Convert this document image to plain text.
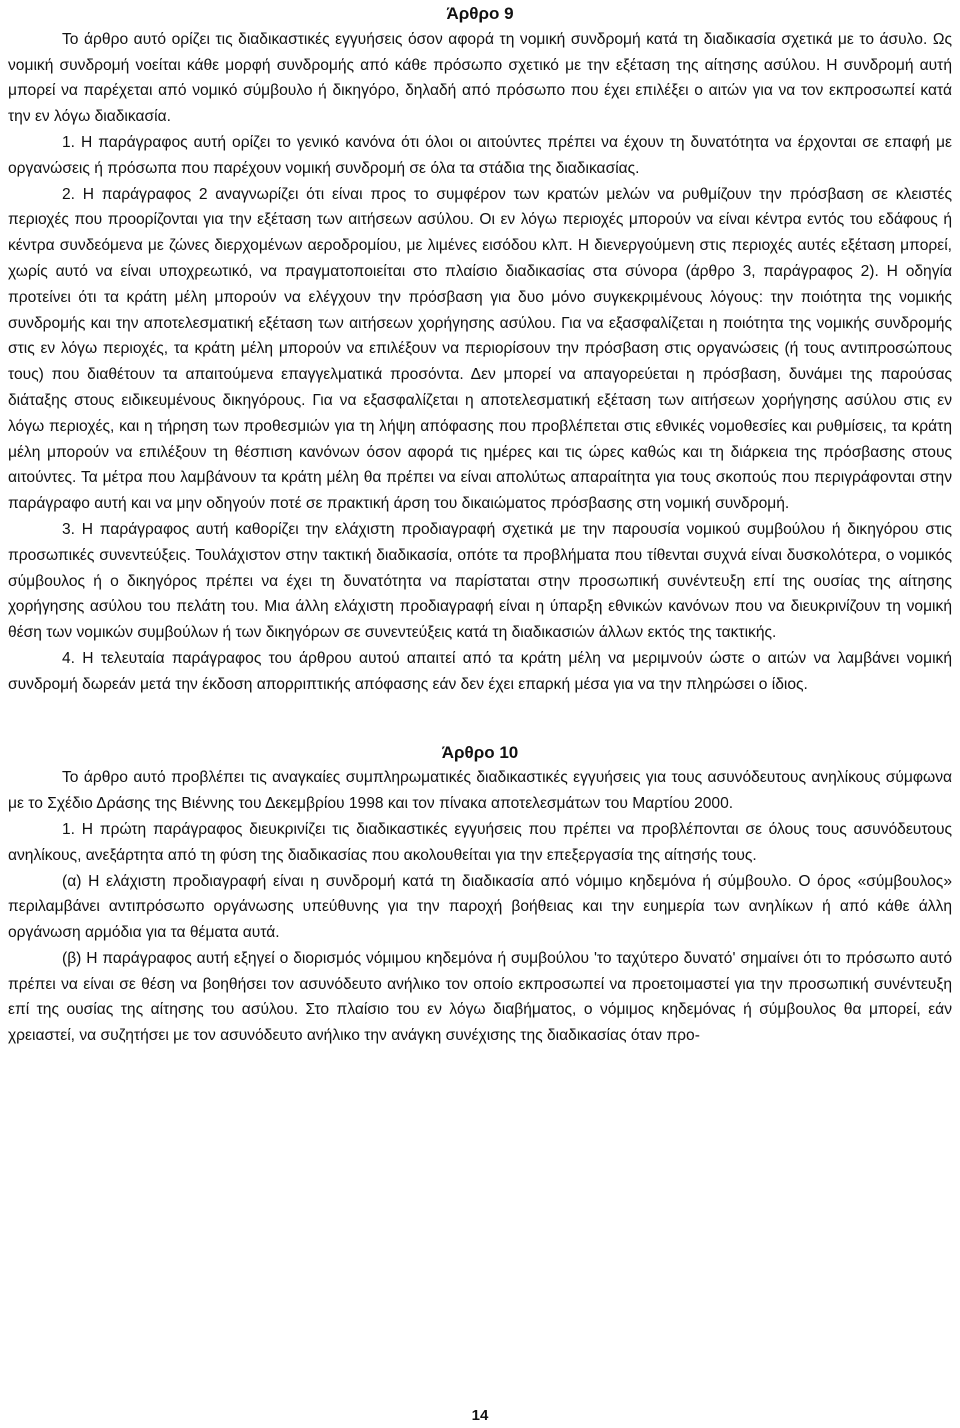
Άρθρο 9

Το άρθρο αυτό ορίζει τις διαδικαστικές εγγυήσεις όσον αφορά τη νομική συνδρομή κατά τη διαδικασία σχετικά με το άσυλο. Ως νομική συνδρομή νοείται κάθε μορφή συνδρομής από κάθε πρόσωπο σχετικό με την εξέταση της αίτησης ασύλου. Η συνδρομή αυτή μπορεί να παρέχεται από νομικό σύμβουλο ή δικηγόρο, δηλαδή από πρόσωπο που έχει επιλέξει ο αιτών για να τον εκπροσωπεί κατά την εν λόγω διαδικασία.

1. Η παράγραφος αυτή ορίζει το γενικό κανόνα ότι όλοι οι αιτούντες πρέπει να έχουν τη δυνατότητα να έρχονται σε επαφή με οργανώσεις ή πρόσωπα που παρέχουν νομική συνδρομή σε όλα τα στάδια της διαδικασίας.

2. Η παράγραφος 2 αναγνωρίζει ότι είναι προς το συμφέρον των κρατών μελών να ρυθμίζουν την πρόσβαση σε κλειστές περιοχές που προορίζονται για την εξέταση των αιτήσεων ασύλου. Οι εν λόγω περιοχές μπορούν να είναι κέντρα εντός του εδάφους ή κέντρα συνδεόμενα με ζώνες διερχομένων αεροδρομίου, με λιμένες εισόδου κλπ. Η διενεργούμενη στις περιοχές αυτές εξέταση μπορεί, χωρίς αυτό να είναι υποχρεωτικό, να πραγματοποιείται στο πλαίσιο διαδικασίας στα σύνορα (άρθρο 3, παράγραφος 2). Η οδηγία προτείνει ότι τα κράτη μέλη μπορούν να ελέγχουν την πρόσβαση για δυο μόνο συγκεκριμένους λόγους: την ποιότητα της νομικής συνδρομής και την αποτελεσματική εξέταση των αιτήσεων χορήγησης ασύλου. Για να εξασφαλίζεται η ποιότητα της νομικής συνδρομής στις εν λόγω περιοχές, τα κράτη μέλη μπορούν να επιλέξουν να περιορίσουν την πρόσβαση στις οργανώσεις (ή τους αντιπροσώπους τους) που διαθέτουν τα απαιτούμενα επαγγελματικά προσόντα. Δεν μπορεί να απαγορεύεται η πρόσβαση, δυνάμει της παρούσας διάταξης στους ειδικευμένους δικηγόρους. Για να εξασφαλίζεται η αποτελεσματική εξέταση των αιτήσεων χορήγησης ασύλου στις εν λόγω περιοχές, και η τήρηση των προθεσμιών για τη λήψη απόφασης που προβλέπεται στις εθνικές νομοθεσίες και ρυθμίσεις, τα κράτη μέλη μπορούν να επιλέξουν τη θέσπιση κανόνων όσον αφορά τις ημέρες και τις ώρες καθώς και τη διάρκεια της πρόσβασης στους αιτούντες. Τα μέτρα που λαμβάνουν τα κράτη μέλη θα πρέπει να είναι απολύτως απαραίτητα για τους σκοπούς που περιγράφονται στην παράγραφο αυτή και να μην οδηγούν ποτέ σε πρακτική άρση του δικαιώματος πρόσβασης στη νομική συνδρομή.

3. Η παράγραφος αυτή καθορίζει την ελάχιστη προδιαγραφή σχετικά με την παρουσία νομικού συμβούλου ή δικηγόρου στις προσωπικές συνεντεύξεις. Τουλάχιστον στην τακτική διαδικασία, οπότε τα προβλήματα που τίθενται συχνά είναι δυσκολότερα, ο νομικός σύμβουλος ή ο δικηγόρος πρέπει να έχει τη δυνατότητα να παρίσταται στην προσωπική συνέντευξη επί της ουσίας της αίτησης χορήγησης ασύλου του πελάτη του. Μια άλλη ελάχιστη προδιαγραφή είναι η ύπαρξη εθνικών κανόνων που να διευκρινίζουν τη νομική θέση των νομικών συμβούλων ή των δικηγόρων σε συνεντεύξεις κατά τη διαδικασιών άλλων εκτός της τακτικής.

4. Η τελευταία παράγραφος του άρθρου αυτού απαιτεί από τα κράτη μέλη να μεριμνούν ώστε ο αιτών να λαμβάνει νομική συνδρομή δωρεάν μετά την έκδοση απορριπτικής απόφασης εάν δεν έχει επαρκή μέσα για να την πληρώσει ο ίδιος.

Άρθρο 10

Το άρθρο αυτό προβλέπει τις αναγκαίες συμπληρωματικές διαδικαστικές εγγυήσεις για τους ασυνόδευτους ανηλίκους σύμφωνα με το Σχέδιο Δράσης της Βιέννης του Δεκεμβρίου 1998 και τον πίνακα αποτελεσμάτων του Μαρτίου 2000.

1. Η πρώτη παράγραφος διευκρινίζει τις διαδικαστικές εγγυήσεις που πρέπει να προβλέπονται σε όλους τους ασυνόδευτους ανηλίκους, ανεξάρτητα από τη φύση της διαδικασίας που ακολουθείται για την επεξεργασία της αίτησής τους.

(α) Η ελάχιστη προδιαγραφή είναι η συνδρομή κατά τη διαδικασία από νόμιμο κηδεμόνα ή σύμβουλο. Ο όρος «σύμβουλος» περιλαμβάνει αντιπρόσωπο οργάνωσης υπεύθυνης για την παροχή βοήθειας και την ευημερία των ανηλίκων ή από κάθε άλλη οργάνωση αρμόδια για τα θέματα αυτά.

(β) Η παράγραφος αυτή εξηγεί ο διορισμός νόμιμου κηδεμόνα ή συμβούλου 'το ταχύτερο δυνατό' σημαίνει ότι το πρόσωπο αυτό πρέπει να είναι σε θέση να βοηθήσει τον ασυνόδευτο ανήλικο τον οποίο εκπροσωπεί να προετοιμαστεί για την προσωπική συνέντευξη επί της ουσίας της αίτησης του ασύλου. Στο πλαίσιο του εν λόγω διαβήματος, ο νόμιμος κηδεμόνας ή σύμβουλος θα μπορεί, εάν χρειαστεί, να συζητήσει με τον ασυνόδευτο ανήλικο την ανάγκη συνέχισης της διαδικασίας όταν προ-

14
